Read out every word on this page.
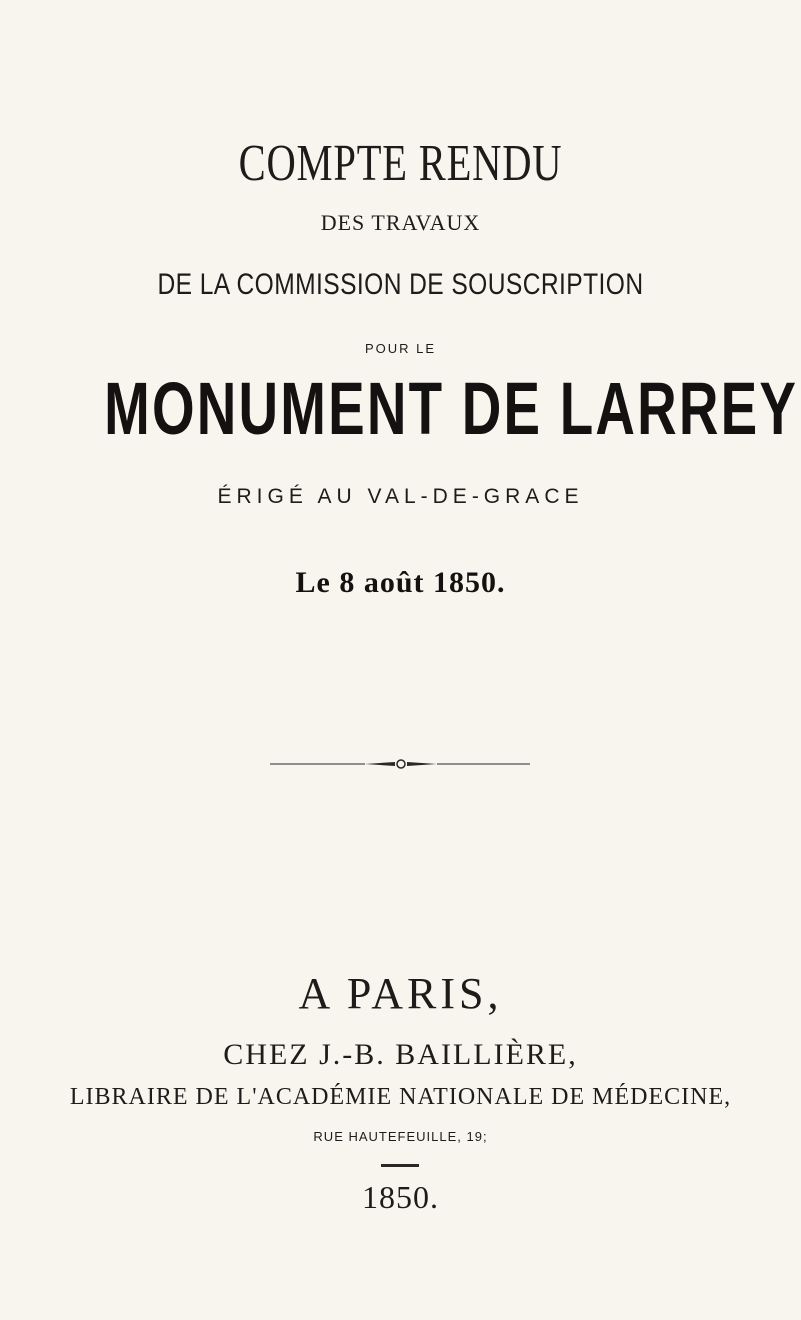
COMPTE RENDU
DES TRAVAUX
DE LA COMMISSION DE SOUSCRIPTION
POUR LE
MONUMENT DE LARREY
ÉRIGÉ AU VAL-DE-GRACE
Le 8 août 1850.
A PARIS,
CHEZ J.-B. BAILLIÈRE,
LIBRAIRE DE L'ACADÉMIE NATIONALE DE MÉDECINE,
RUE HAUTEFEUILLE, 19;
1850.
